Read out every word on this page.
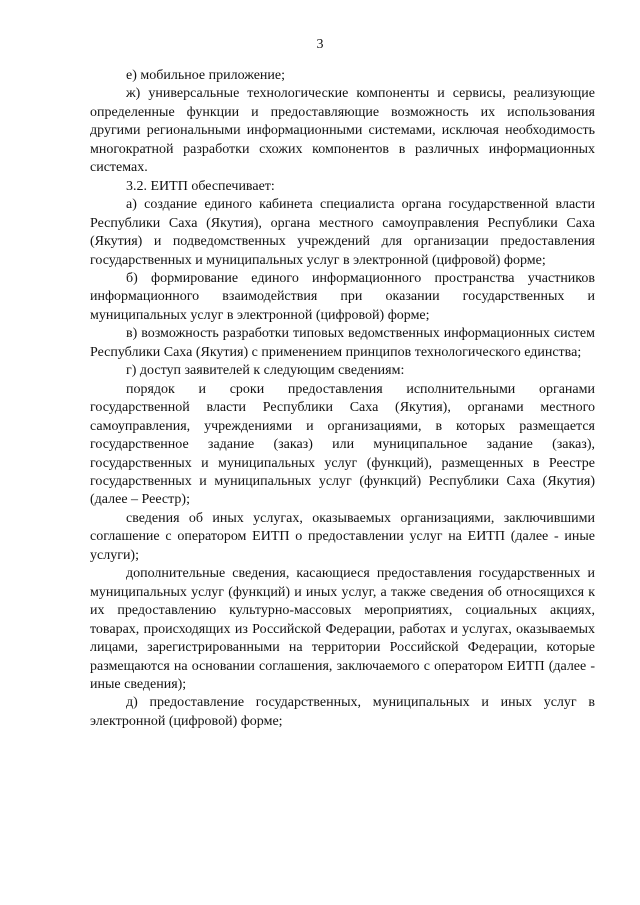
3

е) мобильное приложение;

ж) универсальные технологические компоненты и сервисы, реализующие определенные функции и предоставляющие возможность их использования другими региональными информационными системами, исключая необходимость многократной разработки схожих компонентов в различных информационных системах.

3.2. ЕИТП обеспечивает:

а) создание единого кабинета специалиста органа государственной власти Республики Саха (Якутия), органа местного самоуправления Республики Саха (Якутия) и подведомственных учреждений для организации предоставления государственных и муниципальных услуг в электронной (цифровой) форме;

б) формирование единого информационного пространства участников информационного взаимодействия при оказании государственных и муниципальных услуг в электронной (цифровой) форме;

в) возможность разработки типовых ведомственных информационных систем Республики Саха (Якутия) с применением принципов технологического единства;

г) доступ заявителей к следующим сведениям:

порядок и сроки предоставления исполнительными органами государственной власти Республики Саха (Якутия), органами местного самоуправления, учреждениями и организациями, в которых размещается государственное задание (заказ) или муниципальное задание (заказ), государственных и муниципальных услуг (функций), размещенных в Реестре государственных и муниципальных услуг (функций) Республики Саха (Якутия) (далее – Реестр);

сведения об иных услугах, оказываемых организациями, заключившими соглашение с оператором ЕИТП о предоставлении услуг на ЕИТП (далее - иные услуги);

дополнительные сведения, касающиеся предоставления государственных и муниципальных услуг (функций) и иных услуг, а также сведения об относящихся к их предоставлению культурно-массовых мероприятиях, социальных акциях, товарах, происходящих из Российской Федерации, работах и услугах, оказываемых лицами, зарегистрированными на территории Российской Федерации, которые размещаются на основании соглашения, заключаемого с оператором ЕИТП (далее - иные сведения);

д) предоставление государственных, муниципальных и иных услуг в электронной (цифровой) форме;
